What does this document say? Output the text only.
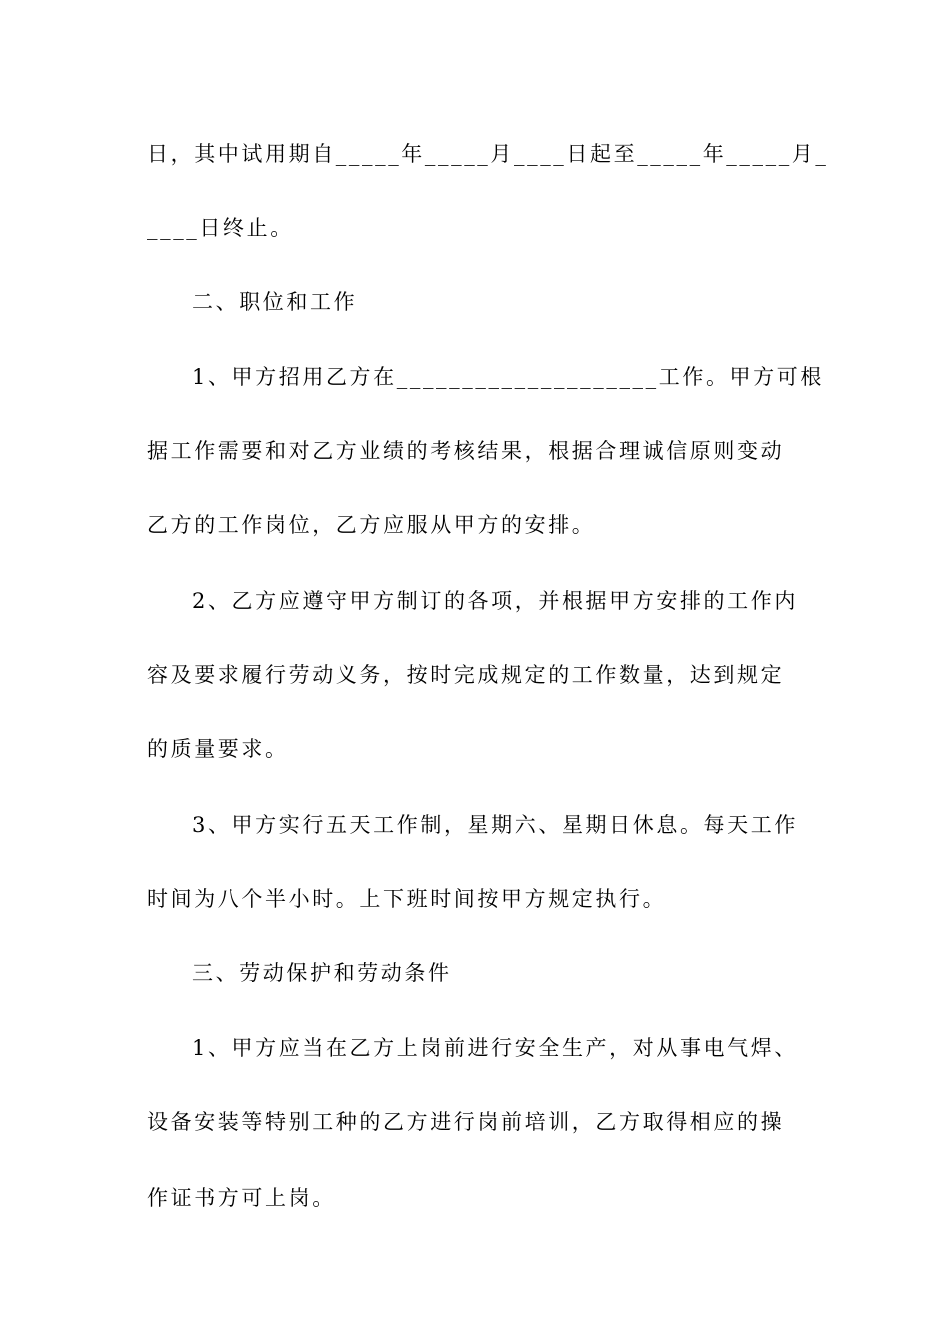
日，其中试用期自_____年_____月____日起至_____年_____月_
____日终止。
二、职位和工作
1、甲方招用乙方在____________________工作。甲方可根
据工作需要和对乙方业绩的考核结果，根据合理诚信原则变动
乙方的工作岗位，乙方应服从甲方的安排。
2、乙方应遵守甲方制订的各项，并根据甲方安排的工作内
容及要求履行劳动义务，按时完成规定的工作数量，达到规定
的质量要求。
3、甲方实行五天工作制，星期六、星期日休息。每天工作
时间为八个半小时。上下班时间按甲方规定执行。
三、劳动保护和劳动条件
1、甲方应当在乙方上岗前进行安全生产，对从事电气焊、
设备安装等特别工种的乙方进行岗前培训，乙方取得相应的操
作证书方可上岗。
